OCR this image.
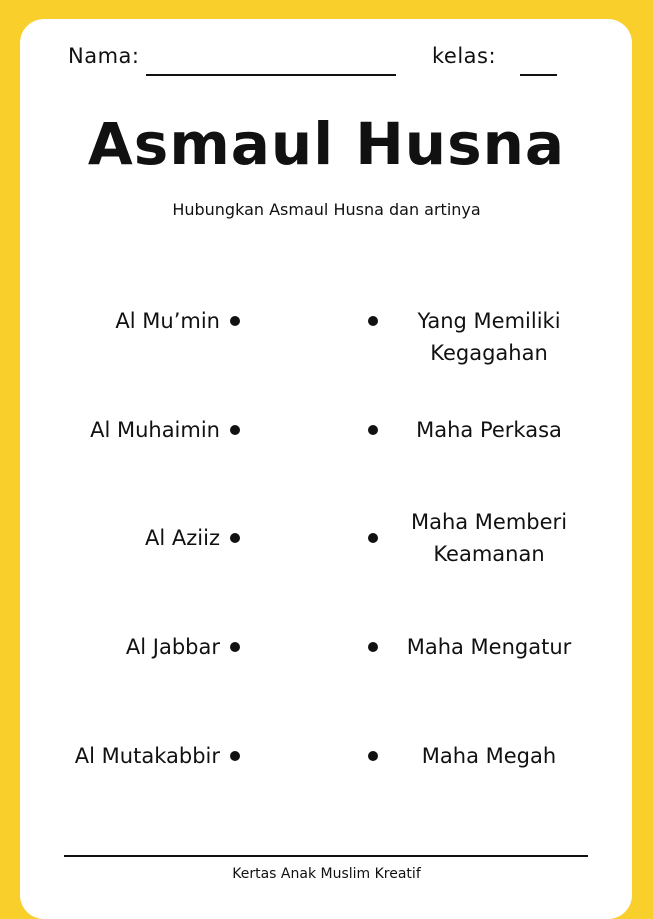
Nama:	kelas:
Asmaul Husna
Hubungkan Asmaul Husna dan artinya
Al Mu’min
Al Muhaimin
Al Aziiz
Al Jabbar
Al Mutakabbir
Yang Memiliki
Kegagahan
Maha Perkasa
Maha Memberi
Keamanan
Maha Mengatur
Maha Megah
Kertas Anak Muslim Kreatif
